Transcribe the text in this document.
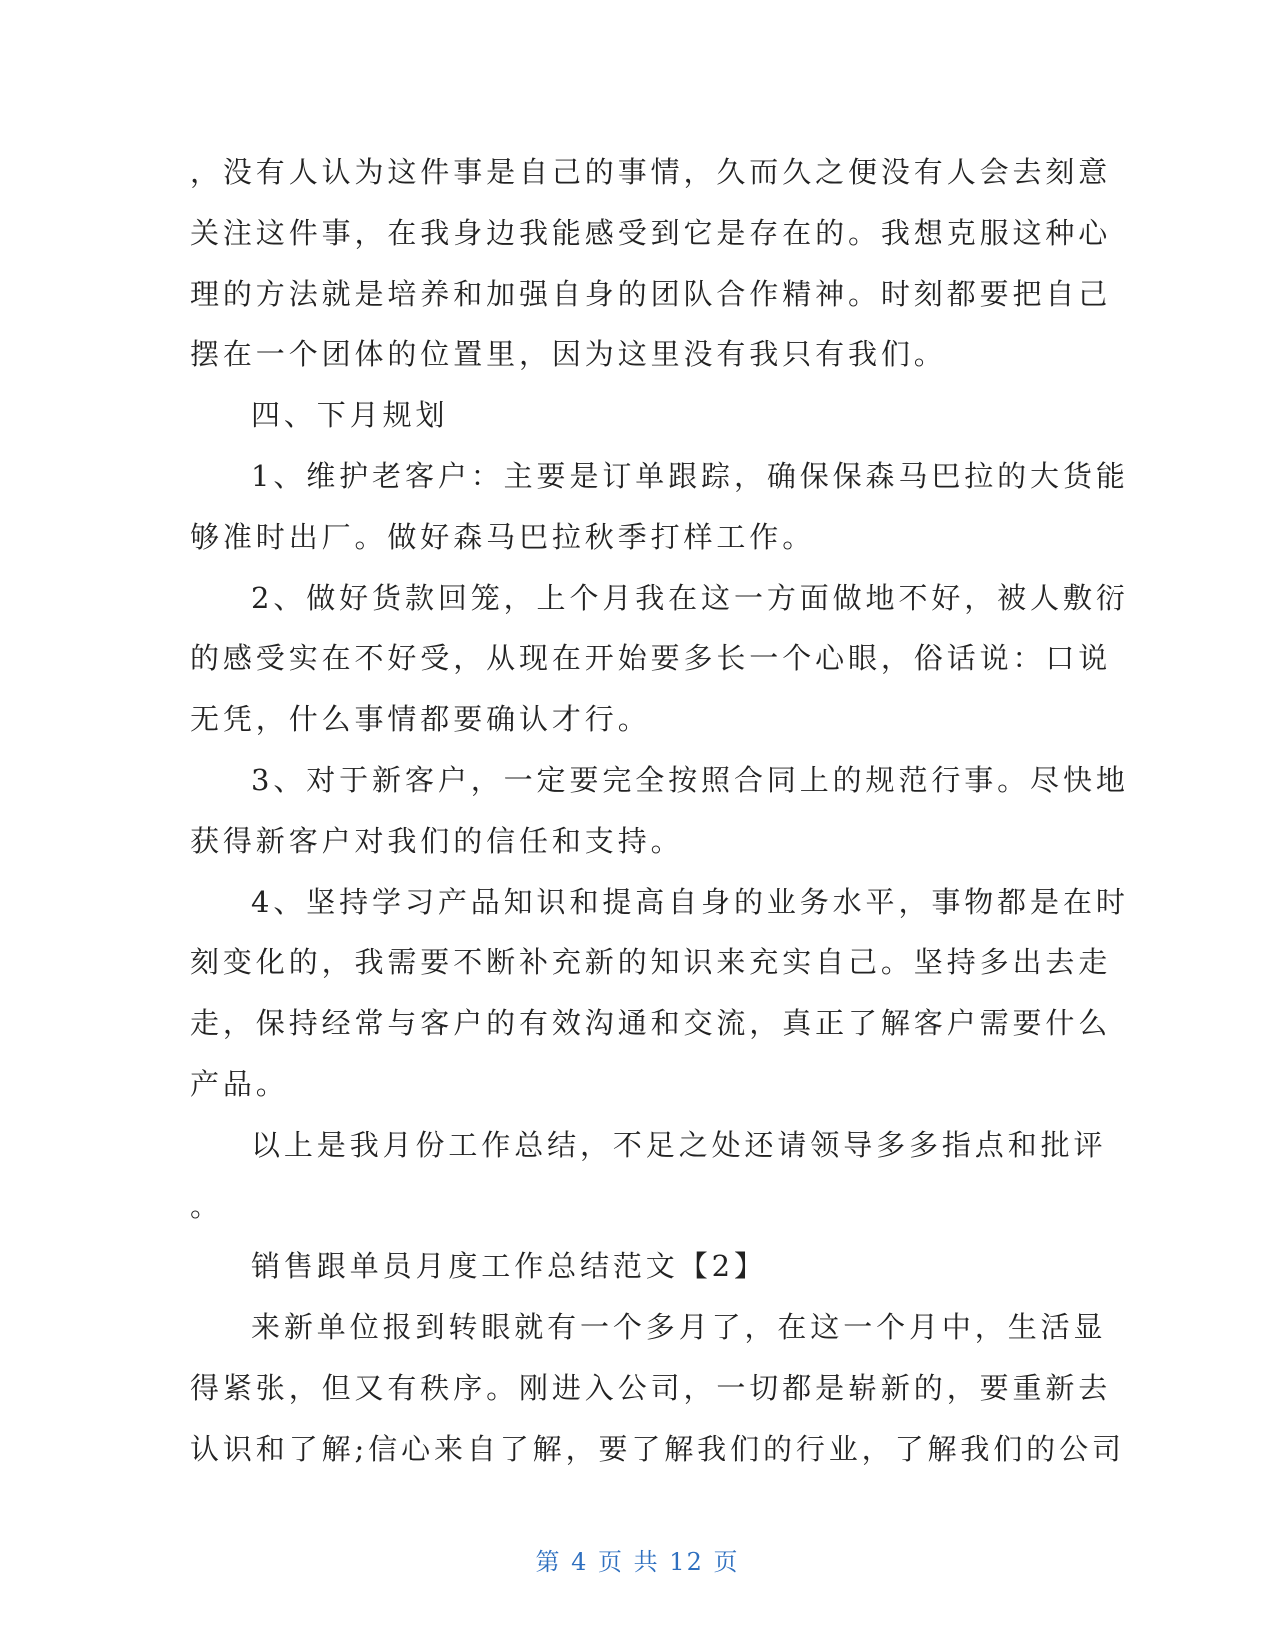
，没有人认为这件事是自己的事情，久而久之便没有人会去刻意
关注这件事，在我身边我能感受到它是存在的。我想克服这种心
理的方法就是培养和加强自身的团队合作精神。时刻都要把自己
摆在一个团体的位置里，因为这里没有我只有我们。
四、下月规划
1、维护老客户：主要是订单跟踪，确保保森马巴拉的大货能
够准时出厂。做好森马巴拉秋季打样工作。
2、做好货款回笼，上个月我在这一方面做地不好，被人敷衍
的感受实在不好受，从现在开始要多长一个心眼，俗话说：口说
无凭，什么事情都要确认才行。
3、对于新客户，一定要完全按照合同上的规范行事。尽快地
获得新客户对我们的信任和支持。
4、坚持学习产品知识和提高自身的业务水平，事物都是在时
刻变化的，我需要不断补充新的知识来充实自己。坚持多出去走
走，保持经常与客户的有效沟通和交流，真正了解客户需要什么
产品。
以上是我月份工作总结，不足之处还请领导多多指点和批评
。
销售跟单员月度工作总结范文【2】
来新单位报到转眼就有一个多月了，在这一个月中，生活显
得紧张，但又有秩序。刚进入公司，一切都是崭新的，要重新去
认识和了解;信心来自了解，要了解我们的行业，了解我们的公司
第 4 页 共 12 页
